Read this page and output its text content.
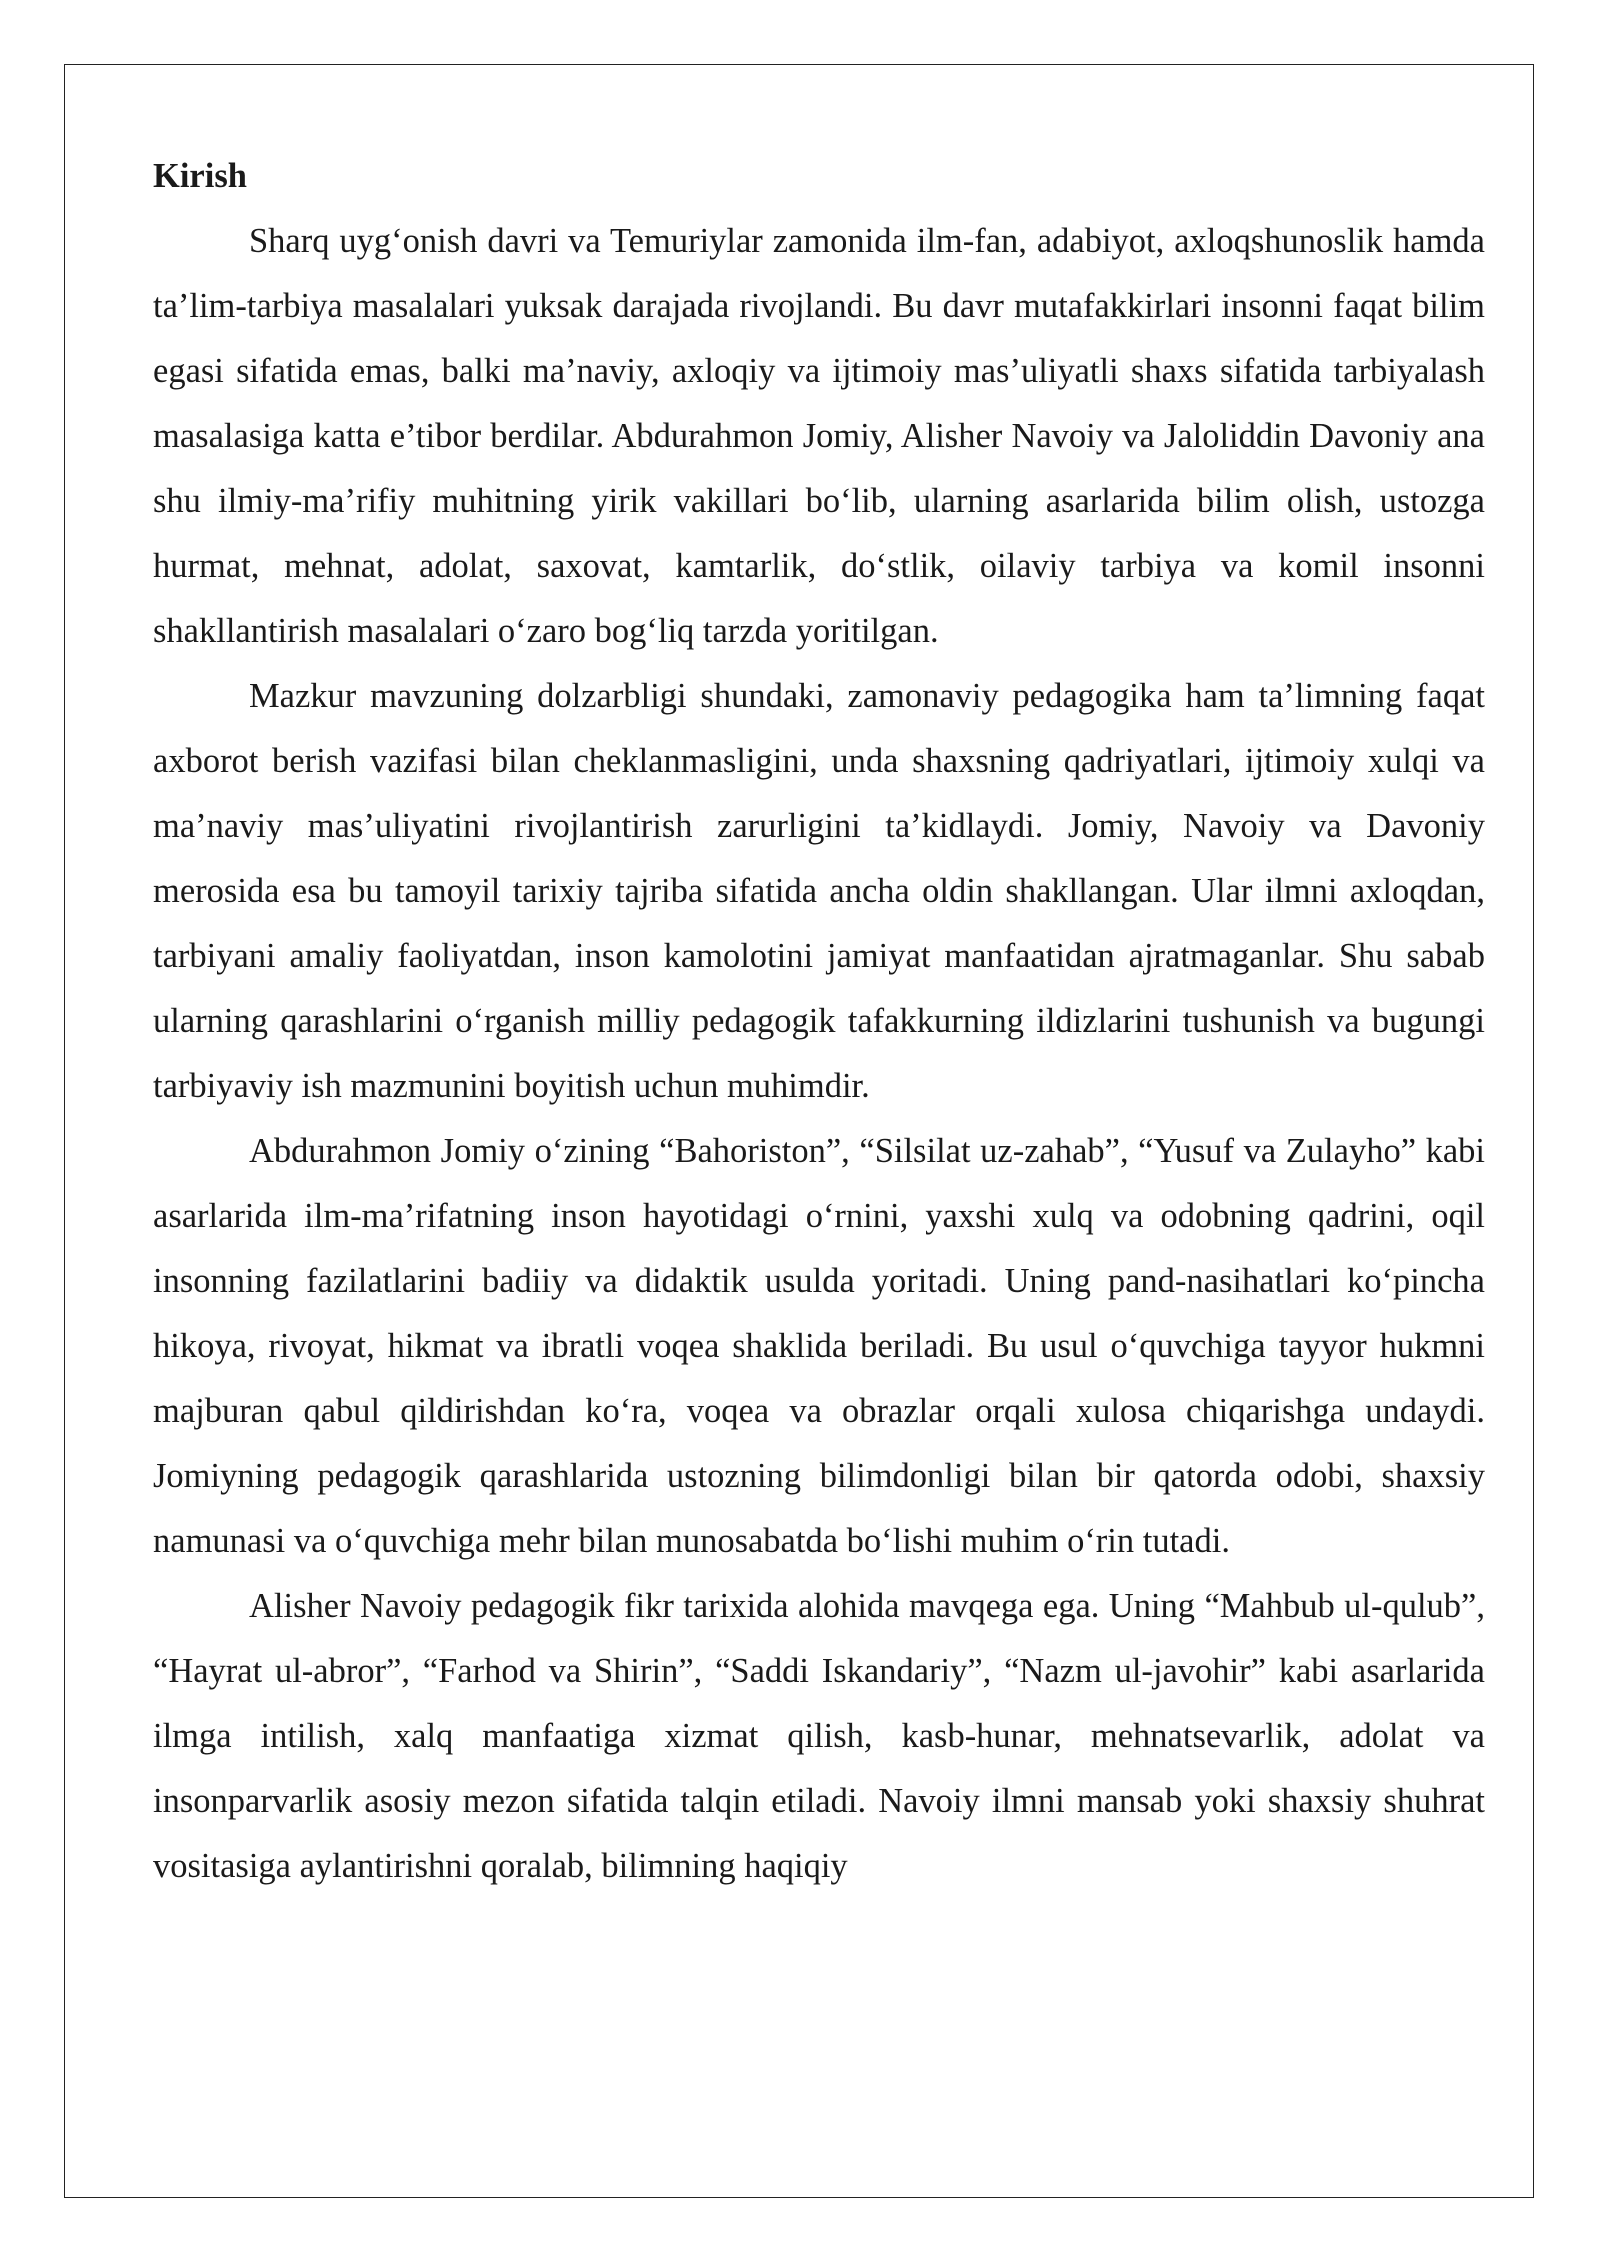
Kirish

Sharq uyg‘onish davri va Temuriylar zamonida ilm-fan, adabiyot, axloqshunoslik hamda ta’lim-tarbiya masalalari yuksak darajada rivojlandi. Bu davr mutafakkirlari insonni faqat bilim egasi sifatida emas, balki ma’naviy, axloqiy va ijtimoiy mas’uliyatli shaxs sifatida tarbiyalash masalasiga katta e’tibor berdilar. Abdurahmon Jomiy, Alisher Navoiy va Jaloliddin Davoniy ana shu ilmiy-ma’rifiy muhitning yirik vakillari bo‘lib, ularning asarlarida bilim olish, ustozga hurmat, mehnat, adolat, saxovat, kamtarlik, do‘stlik, oilaviy tarbiya va komil insonni shakllantirish masalalari o‘zaro bog‘liq tarzda yoritilgan.

Mazkur mavzuning dolzarbligi shundaki, zamonaviy pedagogika ham ta’limning faqat axborot berish vazifasi bilan cheklanmasligini, unda shaxsning qadriyatlari, ijtimoiy xulqi va ma’naviy mas’uliyatini rivojlantirish zarurligini ta’kidlaydi. Jomiy, Navoiy va Davoniy merosida esa bu tamoyil tarixiy tajriba sifatida ancha oldin shakllangan. Ular ilmni axloqdan, tarbiyani amaliy faoliyatdan, inson kamolotini jamiyat manfaatidan ajratmaganlar. Shu sabab ularning qarashlarini o‘rganish milliy pedagogik tafakkurning ildizlarini tushunish va bugungi tarbiyaviy ish mazmunini boyitish uchun muhimdir.

Abdurahmon Jomiy o‘zining “Bahoriston”, “Silsilat uz-zahab”, “Yusuf va Zulayho” kabi asarlarida ilm-ma’rifatning inson hayotidagi o‘rnini, yaxshi xulq va odobning qadrini, oqil insonning fazilatlarini badiiy va didaktik usulda yoritadi. Uning pand-nasihatlari ko‘pincha hikoya, rivoyat, hikmat va ibratli voqea shaklida beriladi. Bu usul o‘quvchiga tayyor hukmni majburan qabul qildirishdan ko‘ra, voqea va obrazlar orqali xulosa chiqarishga undaydi. Jomiyning pedagogik qarashlarida ustozning bilimdonligi bilan bir qatorda odobi, shaxsiy namunasi va o‘quvchiga mehr bilan munosabatda bo‘lishi muhim o‘rin tutadi.

Alisher Navoiy pedagogik fikr tarixida alohida mavqega ega. Uning “Mahbub ul-qulub”, “Hayrat ul-abror”, “Farhod va Shirin”, “Saddi Iskandariy”, “Nazm ul-javohir” kabi asarlarida ilmga intilish, xalq manfaatiga xizmat qilish, kasb-hunar, mehnatsevarlik, adolat va insonparvarlik asosiy mezon sifatida talqin etiladi. Navoiy ilmni mansab yoki shaxsiy shuhrat vositasiga aylantirishni qoralab, bilimning haqiqiy
